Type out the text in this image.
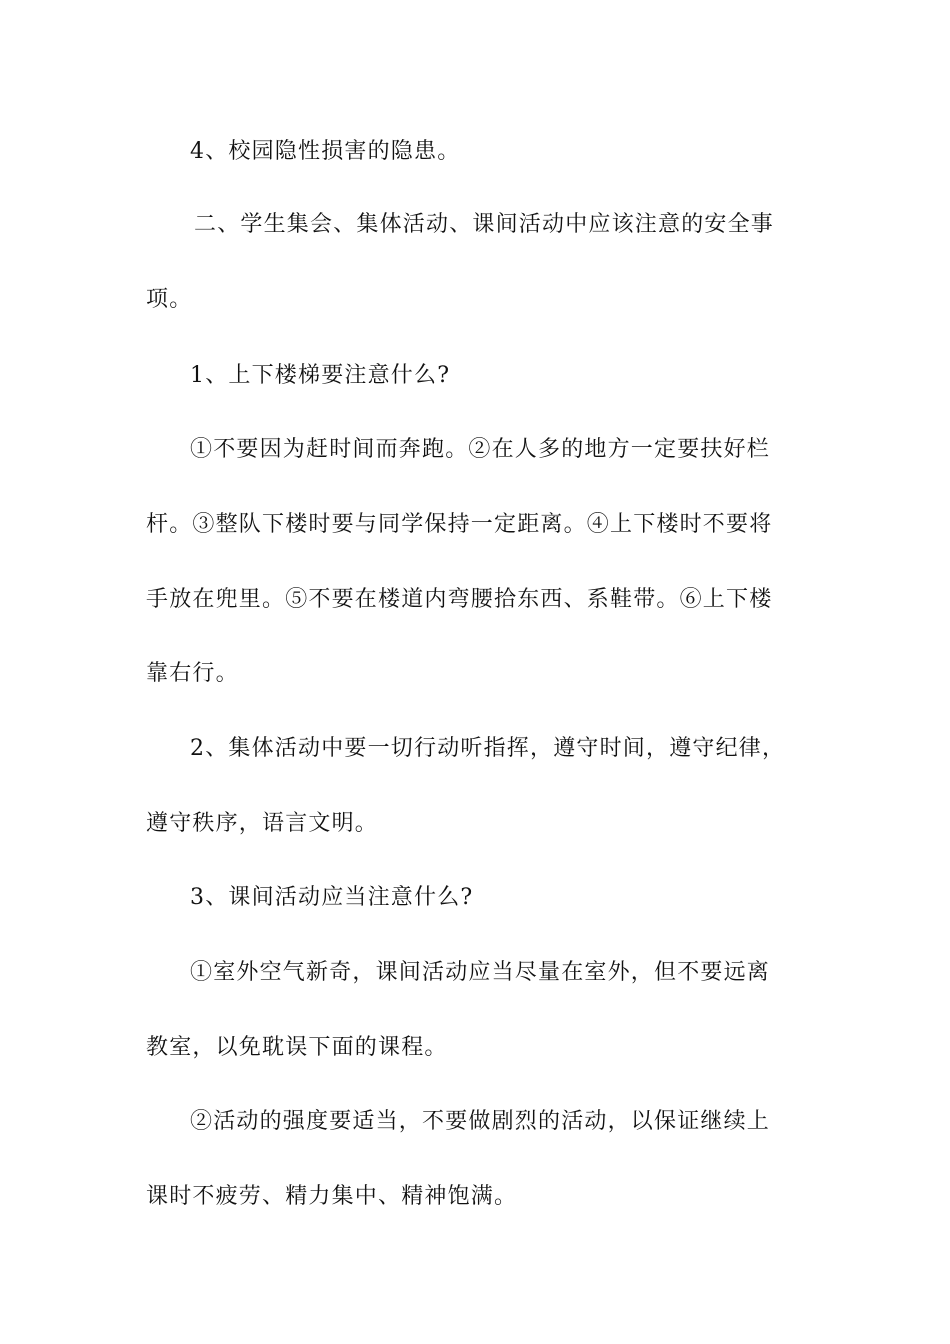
4、校园隐性损害的隐患。

二、学生集会、集体活动、课间活动中应该注意的安全事

项。

1、上下楼梯要注意什么?

①不要因为赶时间而奔跑。②在人多的地方一定要扶好栏

杆。③整队下楼时要与同学保持一定距离。④上下楼时不要将

手放在兜里。⑤不要在楼道内弯腰拾东西、系鞋带。⑥上下楼

靠右行。

2、集体活动中要一切行动听指挥，遵守时间，遵守纪律，

遵守秩序，语言文明。

3、课间活动应当注意什么?

①室外空气新奇，课间活动应当尽量在室外，但不要远离

教室，以免耽误下面的课程。

②活动的强度要适当，不要做剧烈的活动，以保证继续上

课时不疲劳、精力集中、精神饱满。
